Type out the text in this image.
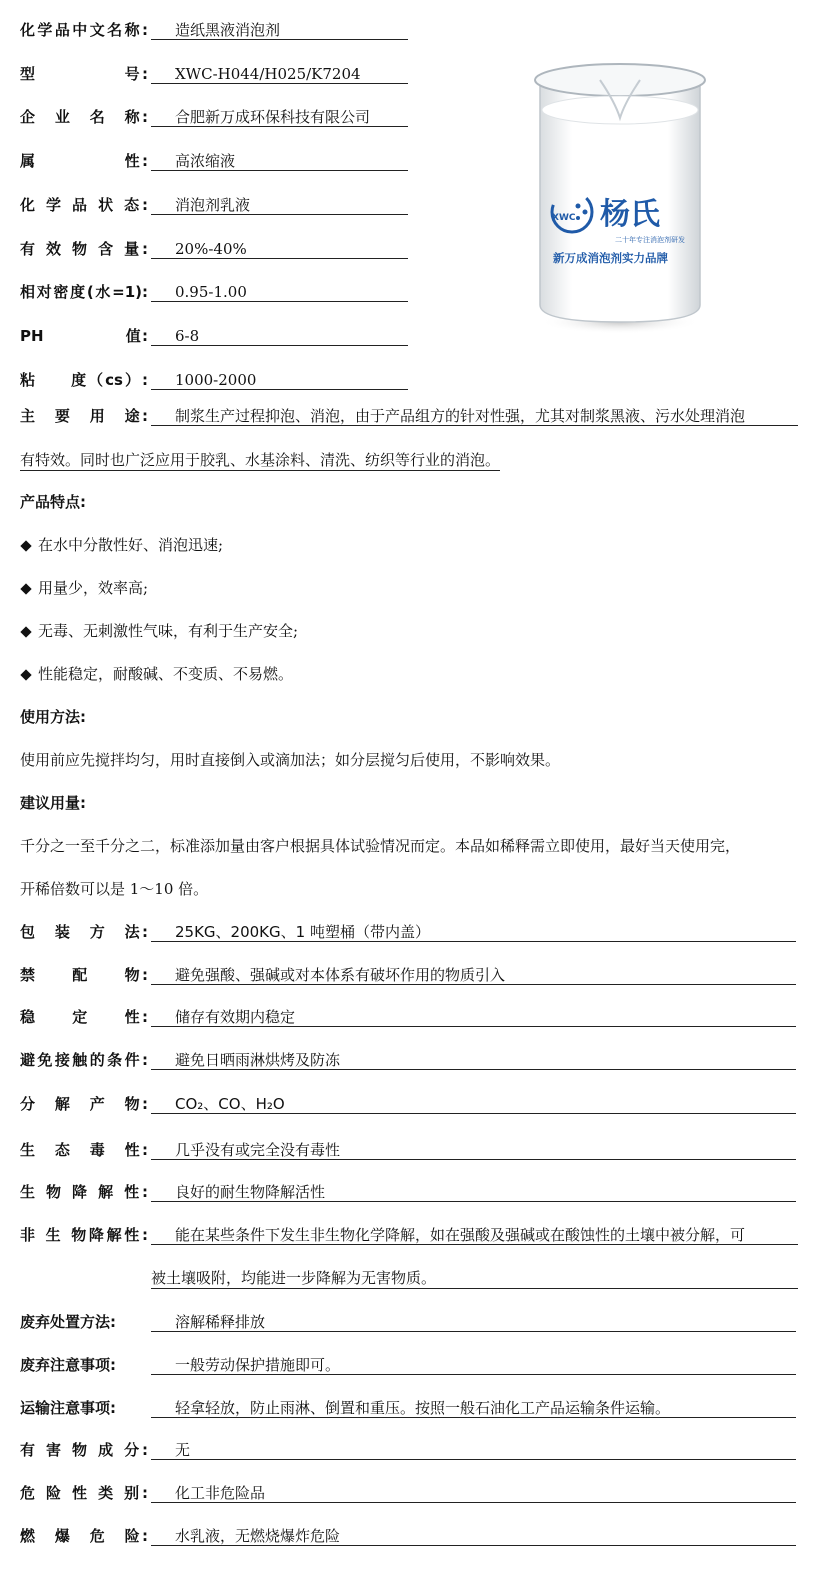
化学品中文名称:	造纸黑液消泡剂
型　　　　　号:	XWC-H044/H025/K7204
企　业　名　称:	合肥新万成环保科技有限公司
属　　　　　性:	高浓缩液
化 学 品 状 态:	消泡剂乳液
有 效 物 含 量:	20%-40%
相对密度(水=1):	0.95-1.00
PH　　　　　值:	6-8
粘　　度（cs）:	1000-2000
XWC 杨氏
二十年专注消泡剂研发
新万成消泡剂实力品牌
主　要　用　途:	制浆生产过程抑泡、消泡，由于产品组方的针对性强，尤其对制浆黑液、污水处理消泡
有特效。同时也广泛应用于胶乳、水基涂料、清洗、纺织等行业的消泡。
产品特点:
在水中分散性好、消泡迅速;
用量少，效率高;
无毒、无刺激性气味，有利于生产安全;
性能稳定，耐酸碱、不变质、不易燃。
使用方法:
使用前应先搅拌均匀，用时直接倒入或滴加法；如分层搅匀后使用，不影响效果。
建议用量:
千分之一至千分之二，标准添加量由客户根据具体试验情况而定。本品如稀释需立即使用，最好当天使用完，
开稀倍数可以是 1～10 倍。
包　装　方　法:	25KG、200KG、1 吨塑桶（带内盖）
禁　　配　　物:	避免强酸、强碱或对本体系有破坏作用的物质引入
稳　　定　　性:	储存有效期内稳定
避免接触的条件:	避免日晒雨淋烘烤及防冻
分　解　产　物:	CO₂、CO、H₂O
生　态　毒　性:	几乎没有或完全没有毒性
生 物 降 解 性:	良好的耐生物降解活性
非 生 物降解性:	能在某些条件下发生非生物化学降解，如在强酸及强碱或在酸蚀性的土壤中被分解，可
被土壤吸附，均能进一步降解为无害物质。
废弃处置方法:	溶解稀释排放
废弃注意事项:	一般劳动保护措施即可。
运输注意事项:	轻拿轻放，防止雨淋、倒置和重压。按照一般石油化工产品运输条件运输。
有 害 物 成 分:	无
危 险 性 类 别:	化工非危险品
燃　爆　危　险:	水乳液，无燃烧爆炸危险
